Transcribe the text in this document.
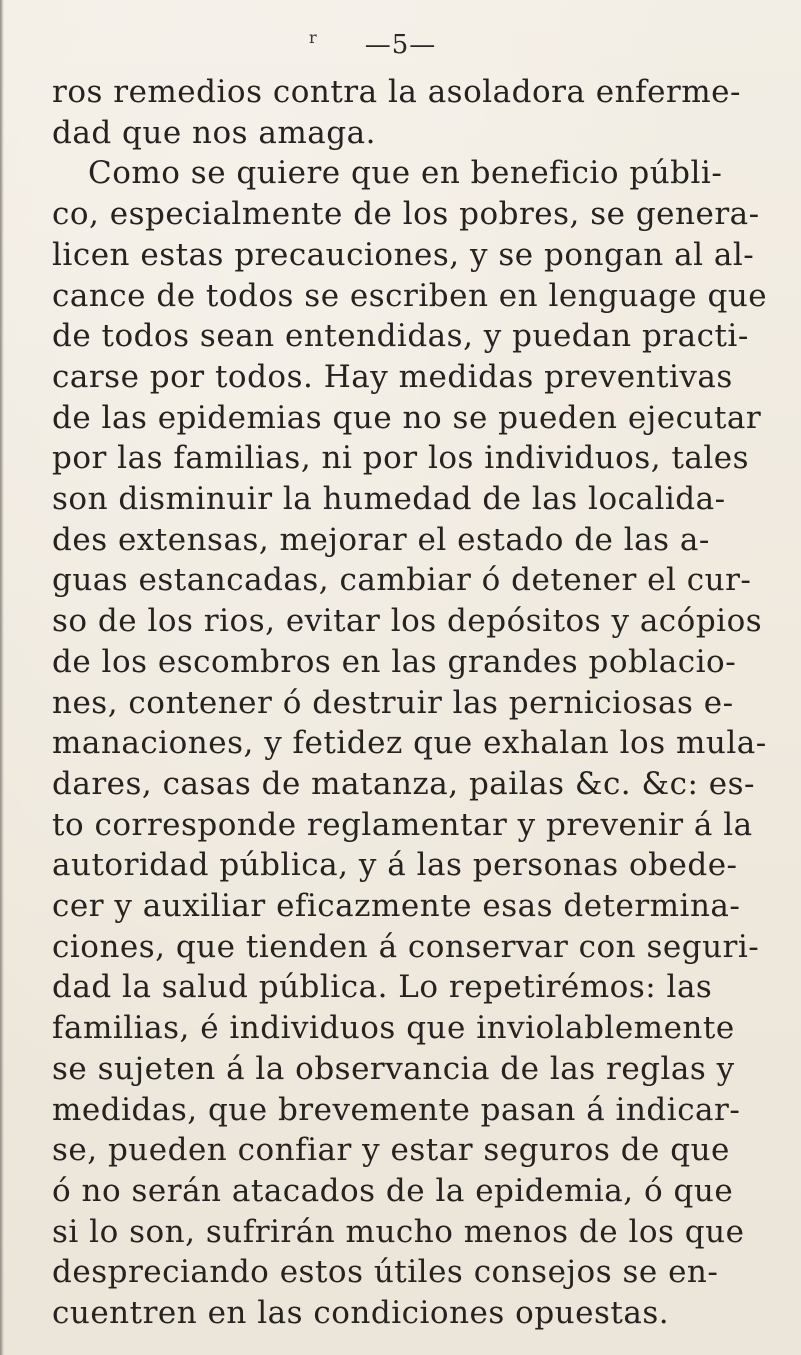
r	—5—
ros remedios contra la asoladora enferme-
dad que nos amaga.
Como se quiere que en beneficio públi-
co, especialmente de los pobres, se genera-
licen estas precauciones, y se pongan al al-
cance de todos se escriben en lenguage que
de todos sean entendidas, y puedan practi-
carse por todos. Hay medidas preventivas
de las epidemias que no se pueden ejecutar
por las familias, ni por los individuos, tales
son disminuir la humedad de las localida-
des extensas, mejorar el estado de las a-
guas estancadas, cambiar ó detener el cur-
so de los rios, evitar los depósitos y acópios
de los escombros en las grandes poblacio-
nes, contener ó destruir las perniciosas e-
manaciones, y fetidez que exhalan los mula-
dares, casas de matanza, pailas &c. &c: es-
to corresponde reglamentar y prevenir á la
autoridad pública, y á las personas obede-
cer y auxiliar eficazmente esas determina-
ciones, que tienden á conservar con seguri-
dad la salud pública. Lo repetirémos: las
familias, é individuos que inviolablemente
se sujeten á la observancia de las reglas y
medidas, que brevemente pasan á indicar-
se, pueden confiar y estar seguros de que
ó no serán atacados de la epidemia, ó que
si lo son, sufrirán mucho menos de los que
despreciando estos útiles consejos se en-
cuentren en las condiciones opuestas.
